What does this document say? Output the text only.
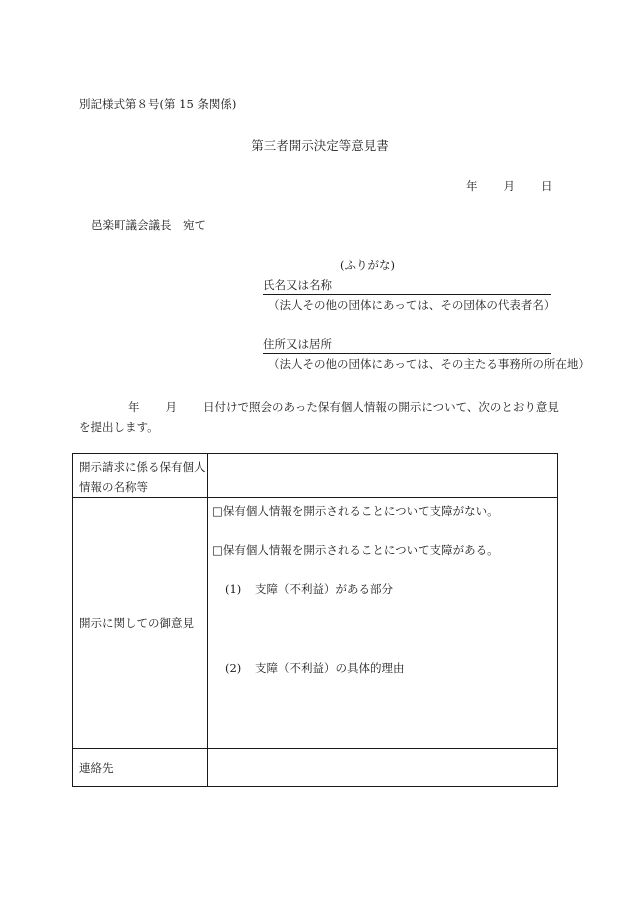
別記様式第８号(第 15 条関係)
第三者開示決定等意見書
年 月 日
邑楽町議会議長　宛て
(ふりがな)
氏名又は名称
（法人その他の団体にあっては、その団体の代表者名）
住所又は居所
（法人その他の団体にあっては、その主たる事務所の所在地）
年 月 日付けで照会のあった保有個人情報の開示について、次のとおり意見を提出します。
開示請求に係る保有個人情報の名称等	
開示に関しての御意見	□保有個人情報を開示されることについて支障がない。
□保有個人情報を開示されることについて支障がある。
(1) 支障（不利益）がある部分
(2) 支障（不利益）の具体的理由

連絡先	
